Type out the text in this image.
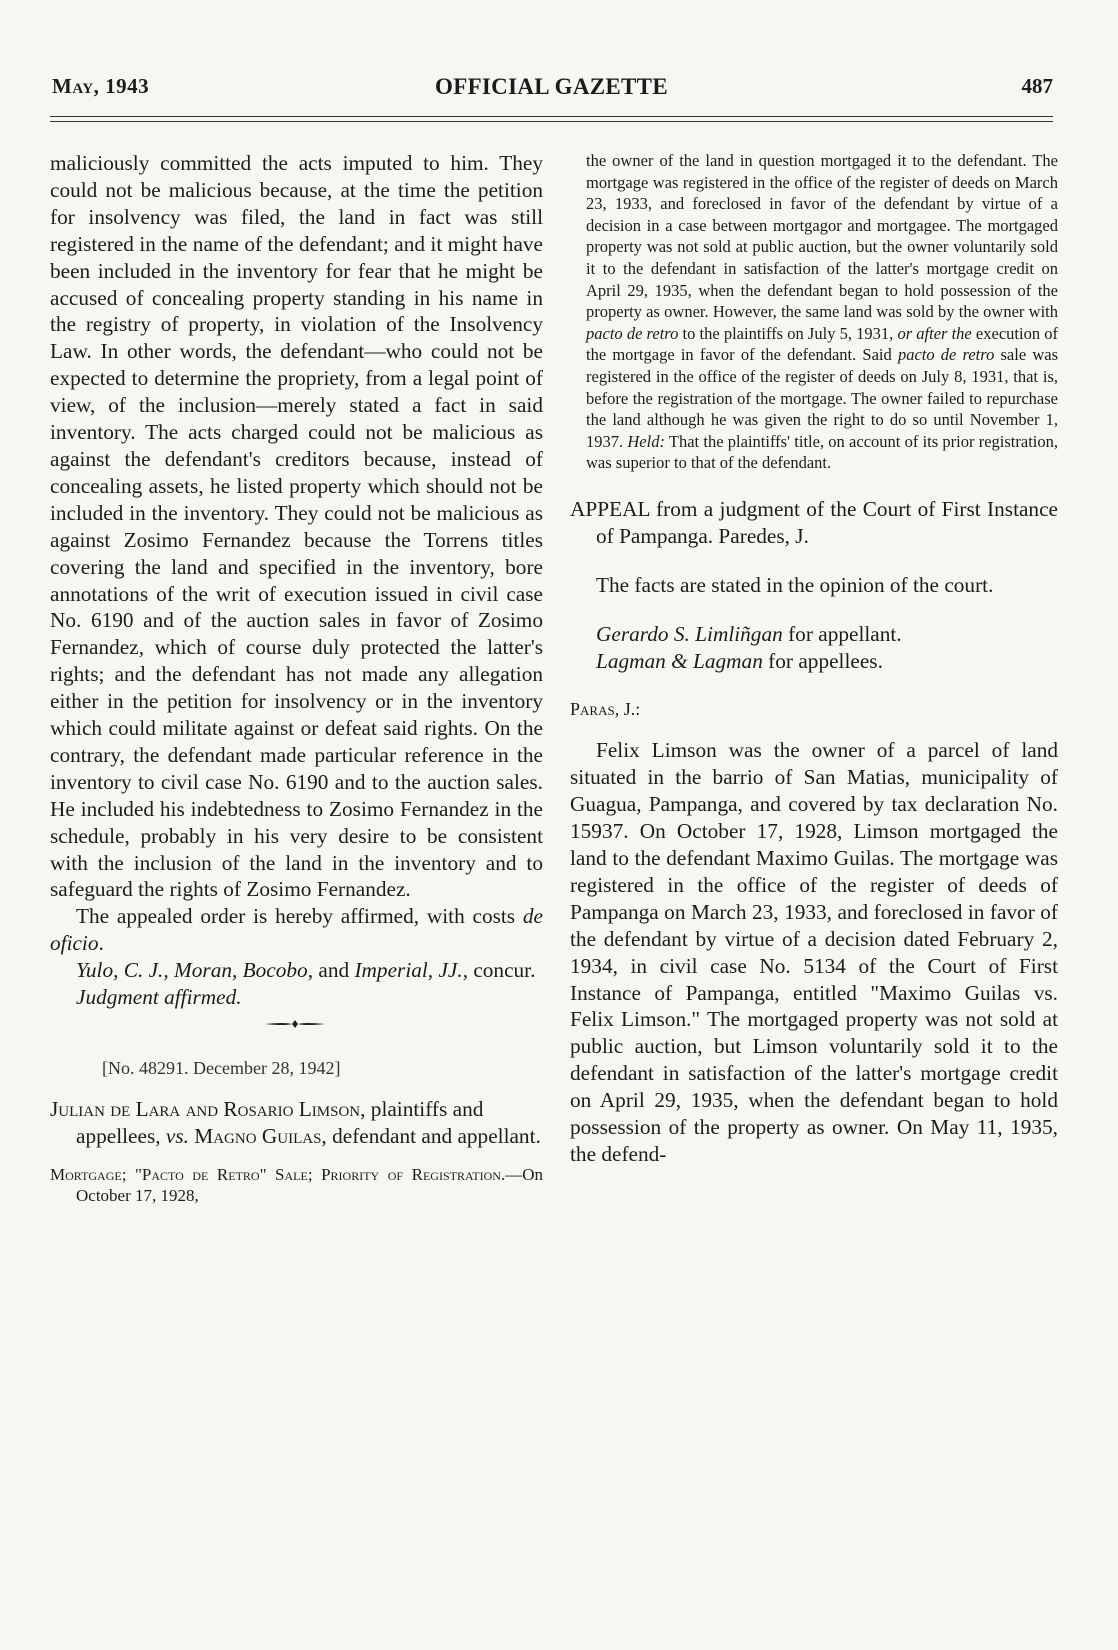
May, 1943	OFFICIAL GAZETTE	487

maliciously committed the acts imputed to him. They could not be malicious because, at the time the petition for insolvency was filed, the land in fact was still registered in the name of the defendant; and it might have been included in the inventory for fear that he might be accused of concealing property standing in his name in the registry of property, in violation of the Insolvency Law. In other words, the defendant—who could not be expected to determine the propriety, from a legal point of view, of the inclusion—merely stated a fact in said inventory. The acts charged could not be malicious as against the defendant's creditors because, instead of concealing assets, he listed property which should not be included in the inventory. They could not be malicious as against Zosimo Fernandez because the Torrens titles covering the land and specified in the inventory, bore annotations of the writ of execution issued in civil case No. 6190 and of the auction sales in favor of Zosimo Fernandez, which of course duly protected the latter's rights; and the defendant has not made any allegation either in the petition for insolvency or in the inventory which could militate against or defeat said rights. On the contrary, the defendant made particular reference in the inventory to civil case No. 6190 and to the auction sales. He included his indebtedness to Zosimo Fernandez in the schedule, probably in his very desire to be consistent with the inclusion of the land in the inventory and to safeguard the rights of Zosimo Fernandez.

The appealed order is hereby affirmed, with costs de oficio.

Yulo, C. J., Moran, Bocobo, and Imperial, JJ., concur.

Judgment affirmed.

[No. 48291. December 28, 1942]

Julian de Lara and Rosario Limson, plaintiffs and appellees, vs. Magno Guilas, defendant and appellant.

Mortgage; "Pacto de Retro" Sale; Priority of Registration.—On October 17, 1928,

the owner of the land in question mortgaged it to the defendant. The mortgage was registered in the office of the register of deeds on March 23, 1933, and foreclosed in favor of the defendant by virtue of a decision in a case between mortgagor and mortgagee. The mortgaged property was not sold at public auction, but the owner voluntarily sold it to the defendant in satisfaction of the latter's mortgage credit on April 29, 1935, when the defendant began to hold possession of the property as owner. However, the same land was sold by the owner with pacto de retro to the plaintiffs on July 5, 1931, or after the execution of the mortgage in favor of the defendant. Said pacto de retro sale was registered in the office of the register of deeds on July 8, 1931, that is, before the registration of the mortgage. The owner failed to repurchase the land although he was given the right to do so until November 1, 1937. Held: That the plaintiffs' title, on account of its prior registration, was superior to that of the defendant.

APPEAL from a judgment of the Court of First Instance of Pampanga. Paredes, J.

The facts are stated in the opinion of the court.

Gerardo S. Limliñgan for appellant.

Lagman & Lagman for appellees.

Paras, J.:

Felix Limson was the owner of a parcel of land situated in the barrio of San Matias, municipality of Guagua, Pampanga, and covered by tax declaration No. 15937. On October 17, 1928, Limson mortgaged the land to the defendant Maximo Guilas. The mortgage was registered in the office of the register of deeds of Pampanga on March 23, 1933, and foreclosed in favor of the defendant by virtue of a decision dated February 2, 1934, in civil case No. 5134 of the Court of First Instance of Pampanga, entitled "Maximo Guilas vs. Felix Limson." The mortgaged property was not sold at public auction, but Limson voluntarily sold it to the defendant in satisfaction of the latter's mortgage credit on April 29, 1935, when the defendant began to hold possession of the property as owner. On May 11, 1935, the defend-
